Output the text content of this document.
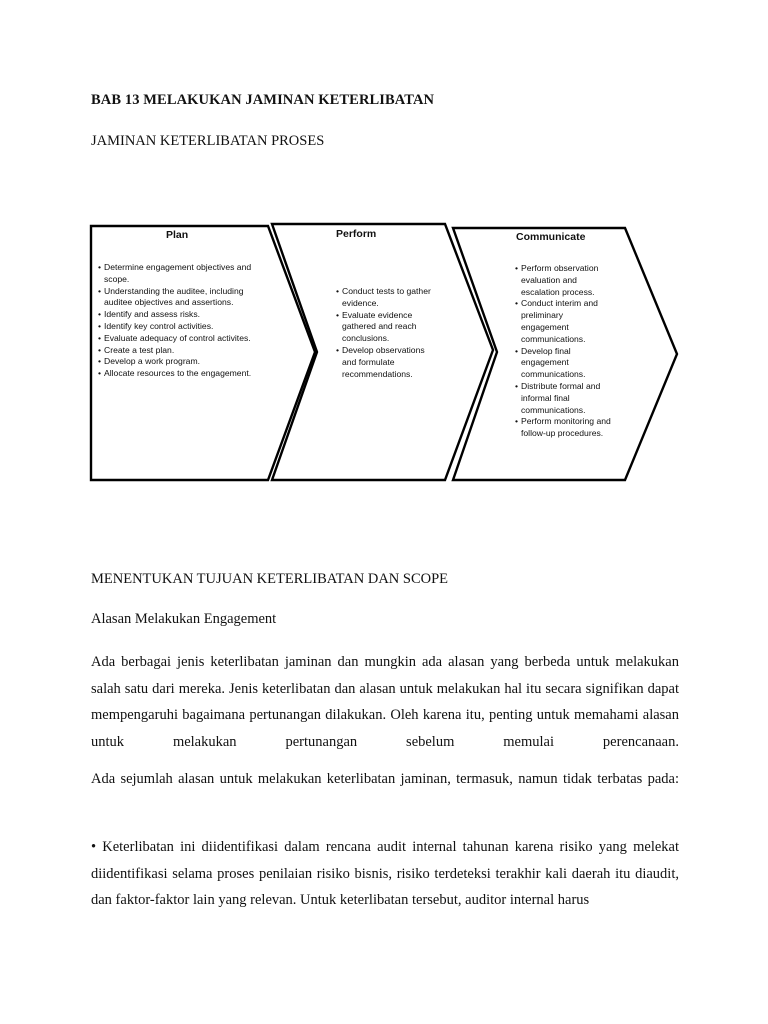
BAB 13 MELAKUKAN JAMINAN KETERLIBATAN
JAMINAN KETERLIBATAN PROSES
Plan
• Determine engagement objectives and scope.
• Understanding the auditee, including auditee objectives and assertions.
• Identify and assess risks.
• Identify key control activities.
• Evaluate adequacy of control activites.
• Create a test plan.
• Develop a work program.
• Allocate resources to the engagement.
Perform
• Conduct tests to gather evidence.
• Evaluate evidence gathered and reach conclusions.
• Develop observations and formulate recommendations.
Communicate
• Perform observation evaluation and escalation process.
• Conduct interim and preliminary engagement communications.
• Develop final engagement communications.
• Distribute formal and informal final communications.
• Perform monitoring and follow-up procedures.
MENENTUKAN TUJUAN KETERLIBATAN DAN SCOPE
Alasan Melakukan Engagement
Ada berbagai jenis keterlibatan jaminan dan mungkin ada alasan yang berbeda untuk melakukan salah satu dari mereka. Jenis keterlibatan dan alasan untuk melakukan hal itu secara signifikan dapat mempengaruhi bagaimana pertunangan dilakukan. Oleh karena itu, penting untuk memahami alasan untuk melakukan pertunangan sebelum memulai perencanaan.
Ada sejumlah alasan untuk melakukan keterlibatan jaminan, termasuk, namun tidak terbatas pada:
• Keterlibatan ini diidentifikasi dalam rencana audit internal tahunan karena risiko yang melekat diidentifikasi selama proses penilaian risiko bisnis, risiko terdeteksi terakhir kali daerah itu diaudit, dan faktor-faktor lain yang relevan. Untuk keterlibatan tersebut, auditor internal harus
